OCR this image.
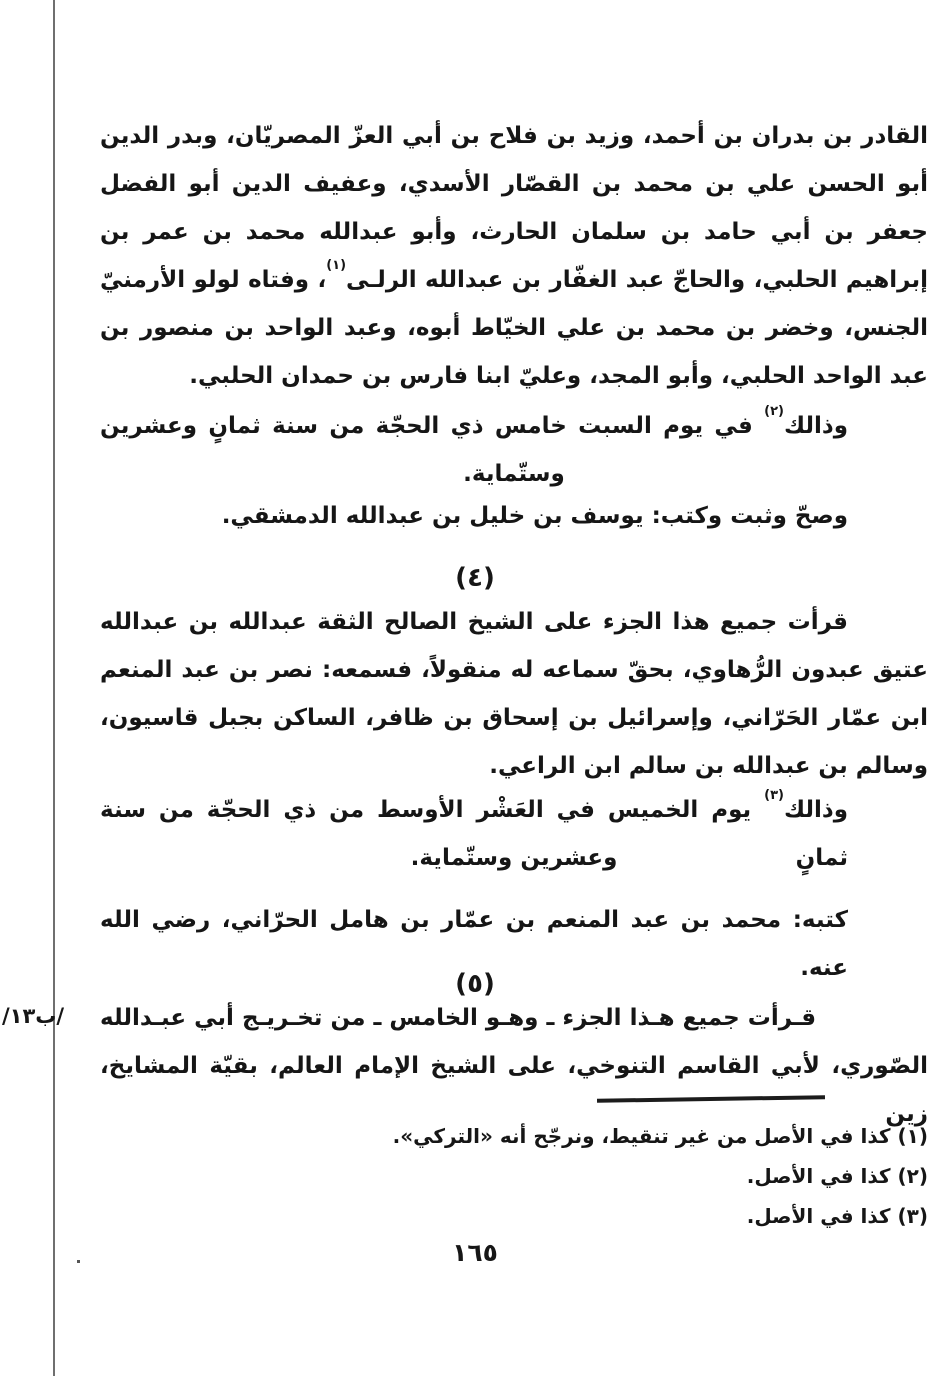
القادر بن بدران بن أحمد، وزيد بن فلاح بن أبي العزّ المصريّان، وبدر الدين
أبو الحسن علي بن محمد بن القصّار الأسدي، وعفيف الدين أبو الفضل
جعفر بن أبي حامد بن سلمان الحارث، وأبو عبدالله محمد بن عمر بن
إبراهيم الحلبي، والحاجّ عبد الغفّار بن عبدالله الرلـى$^{(١)}$، وفتاه لولو الأرمنيّ
الجنس، وخضر بن محمد بن علي الخيّاط أبوه، وعبد الواحد بن منصور بن
عبد الواحد الحلبي، وأبو المجد، وعليّ ابنا فارس بن حمدان الحلبي.
وذالك$^{(٢)}$ في يوم السبت خامس ذي الحجّة من سنة ثمانٍ وعشرين
وستّماية.
وصحّ وثبت وكتب: يوسف بن خليل بن عبدالله الدمشقي.
(٤)
قرأت جميع هذا الجزء على الشيخ الصالح الثقة عبدالله بن عبدالله
عتيق عبدون الرُّهاوي، بحقّ سماعه له منقولاً، فسمعه: نصر بن عبد المنعم
ابن عمّار الحَرّاني، وإسرائيل بن إسحاق بن ظافر، الساكن بجبل قاسيون،
وسالم بن عبدالله بن سالم ابن الراعي.
وذالك$^{(٣)}$ يوم الخميس في العَشْر الأوسط من ذي الحجّة من سنة ثمانٍ
وعشرين وستّماية.
كتبه: محمد بن عبد المنعم بن عمّار بن هامل الحرّاني، رضي الله عنه.
(٥)
قـرأت جميع هـذا الجزء ـ وهـو الخامس ـ من تخـريـج أبي عبـدالله
الصّوري، لأبي القاسم التنوخي، على الشيخ الإمام العالم، بقيّة المشايخ، زين
/١٣ب/
(١) كذا في الأصل من غير تنقيط، ونرجّح أنه «التركي».
(٢) كذا في الأصل.
(٣) كذا في الأصل.
١٦٥
